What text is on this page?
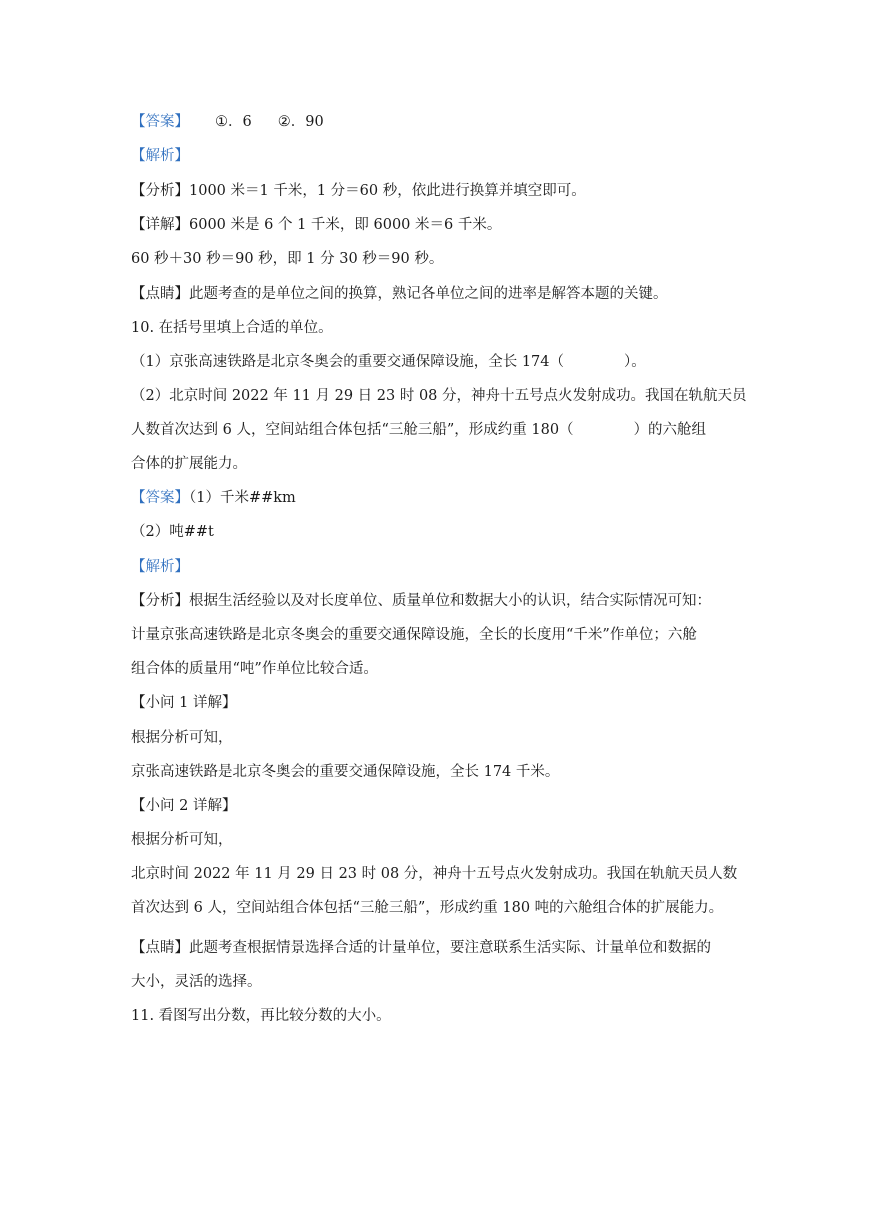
【答案】 ①．6 ②．90
【解析】
【分析】1000 米＝1 千米，1 分＝60 秒，依此进行换算并填空即可。
【详解】6000 米是 6 个 1 千米，即 6000 米＝6 千米。
60 秒＋30 秒＝90 秒，即 1 分 30 秒＝90 秒。
【点睛】此题考查的是单位之间的换算，熟记各单位之间的进率是解答本题的关键。
10. 在括号里填上合适的单位。
（1）京张高速铁路是北京冬奥会的重要交通保障设施，全长 174（	）。
（2）北京时间 2022 年 11 月 29 日 23 时 08 分，神舟十五号点火发射成功。我国在轨航天员
人数首次达到 6 人，空间站组合体包括“三舱三船”，形成约重 180（	）的六舱组
合体的扩展能力。
【答案】（1）千米##km
（2）吨##t
【解析】
【分析】根据生活经验以及对长度单位、质量单位和数据大小的认识，结合实际情况可知：
计量京张高速铁路是北京冬奥会的重要交通保障设施，全长的长度用“千米”作单位；六舱
组合体的质量用“吨”作单位比较合适。
【小问 1 详解】
根据分析可知，
京张高速铁路是北京冬奥会的重要交通保障设施，全长 174 千米。
【小问 2 详解】
根据分析可知，
北京时间 2022 年 11 月 29 日 23 时 08 分，神舟十五号点火发射成功。我国在轨航天员人数
首次达到 6 人，空间站组合体包括“三舱三船”，形成约重 180 吨的六舱组合体的扩展能力。
【点睛】此题考查根据情景选择合适的计量单位，要注意联系生活实际、计量单位和数据的
大小，灵活的选择。
11. 看图写出分数，再比较分数的大小。
